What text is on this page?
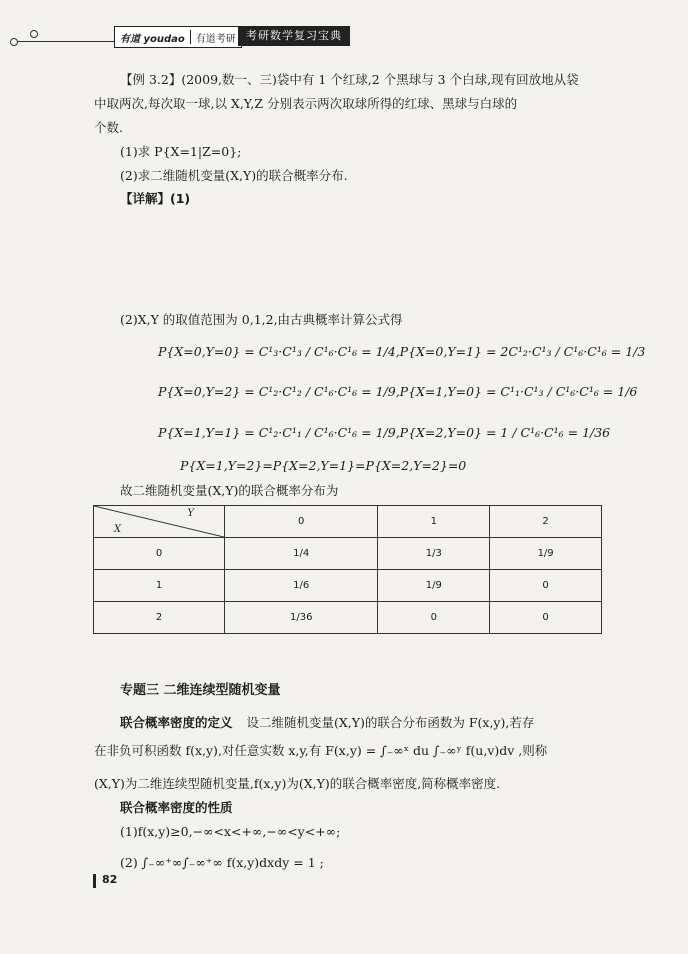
有道 youdao	有道考研 考研数学复习宝典
【例 3.2】(2009,数一、三)袋中有 1 个红球,2 个黑球与 3 个白球,现有回放地从袋
中取两次,每次取一球,以 X,Y,Z 分别表示两次取球所得的红球、黑球与白球的
个数.
(1)求 P{X=1|Z=0};
(2)求二维随机变量(X,Y)的联合概率分布.
【详解】(1)
(2)X,Y 的取值范围为 0,1,2,由古典概率计算公式得
P{X=0,Y=0} = C¹₃·C¹₃ / C¹₆·C¹₆ = 1/4,P{X=0,Y=1} = 2C¹₂·C¹₃ / C¹₆·C¹₆ = 1/3
P{X=0,Y=2} = C¹₂·C¹₂ / C¹₆·C¹₆ = 1/9,P{X=1,Y=0} = C¹₁·C¹₃ / C¹₆·C¹₆ = 1/6
P{X=1,Y=1} = C¹₂·C¹₁ / C¹₆·C¹₆ = 1/9,P{X=2,Y=0} = 1 / C¹₆·C¹₆ = 1/36
P{X=1,Y=2}=P{X=2,Y=1}=P{X=2,Y=2}=0
故二维随机变量(X,Y)的联合概率分布为
Y
X	0	1	2
0	1/4	1/3	1/9
1	1/6	1/9	0
2	1/36	0	0
专题三 二维连续型随机变量
联合概率密度的定义 设二维随机变量(X,Y)的联合分布函数为 F(x,y),若存
在非负可积函数 f(x,y),对任意实数 x,y,有 F(x,y) = ∫₋∞ˣ du ∫₋∞ʸ f(u,v)dv ,则称
(X,Y)为二维连续型随机变量,f(x,y)为(X,Y)的联合概率密度,简称概率密度.
联合概率密度的性质
(1)f(x,y)≥0,−∞<x<+∞,−∞<y<+∞;
(2) ∫₋∞⁺∞∫₋∞⁺∞ f(x,y)dxdy = 1 ;
82
